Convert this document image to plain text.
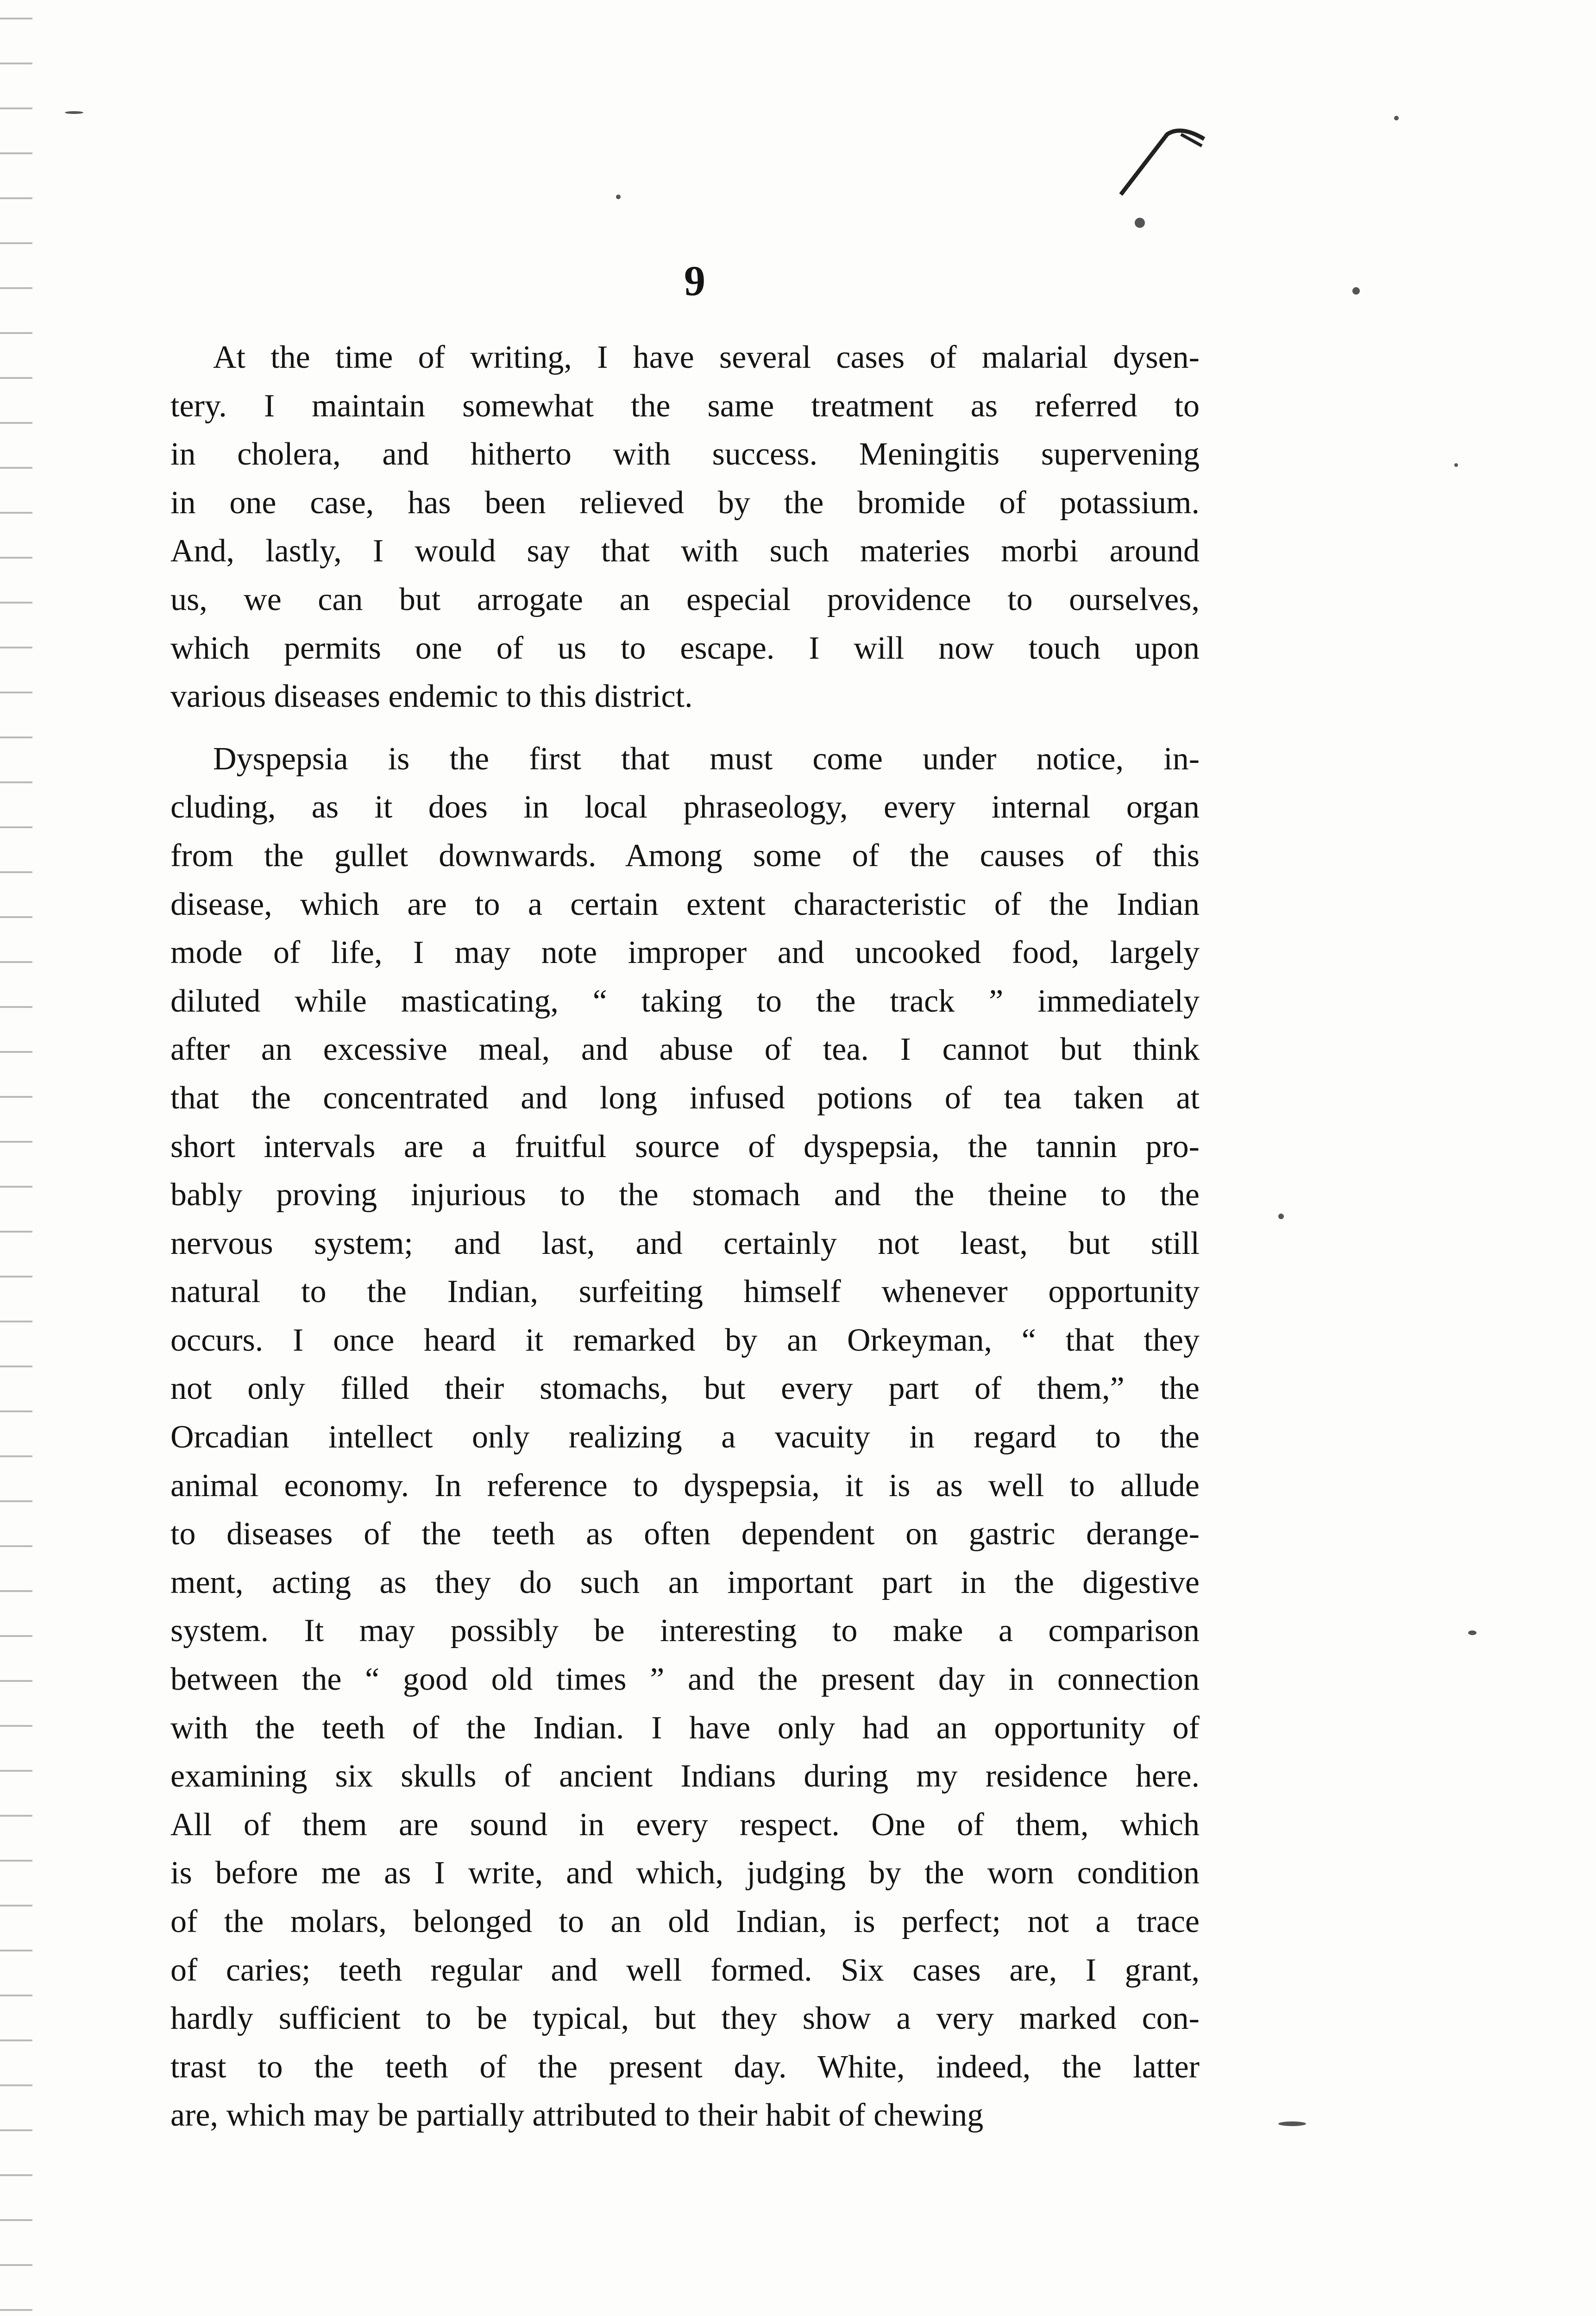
9
At the time of writing, I have several cases of malarial dysen-
tery. I maintain somewhat the same treatment as referred to
in cholera, and hitherto with success. Meningitis supervening
in one case, has been relieved by the bromide of potassium.
And, lastly, I would say that with such materies morbi around
us, we can but arrogate an especial providence to ourselves,
which permits one of us to escape. I will now touch upon
various diseases endemic to this district.
Dyspepsia is the first that must come under notice, in-
cluding, as it does in local phraseology, every internal organ
from the gullet downwards. Among some of the causes of this
disease, which are to a certain extent characteristic of the Indian
mode of life, I may note improper and uncooked food, largely
diluted while masticating, “ taking to the track ” immediately
after an excessive meal, and abuse of tea. I cannot but think
that the concentrated and long infused potions of tea taken at
short intervals are a fruitful source of dyspepsia, the tannin pro-
bably proving injurious to the stomach and the theine to the
nervous system; and last, and certainly not least, but still
natural to the Indian, surfeiting himself whenever opportunity
occurs. I once heard it remarked by an Orkeyman, “ that they
not only filled their stomachs, but every part of them,” the
Orcadian intellect only realizing a vacuity in regard to the
animal economy. In reference to dyspepsia, it is as well to allude
to diseases of the teeth as often dependent on gastric derange-
ment, acting as they do such an important part in the digestive
system. It may possibly be interesting to make a comparison
between the “ good old times ” and the present day in connection
with the teeth of the Indian. I have only had an opportunity of
examining six skulls of ancient Indians during my residence here.
All of them are sound in every respect. One of them, which
is before me as I write, and which, judging by the worn condition
of the molars, belonged to an old Indian, is perfect; not a trace
of caries; teeth regular and well formed. Six cases are, I grant,
hardly sufficient to be typical, but they show a very marked con-
trast to the teeth of the present day. White, indeed, the latter
are, which may be partially attributed to their habit of chewing
